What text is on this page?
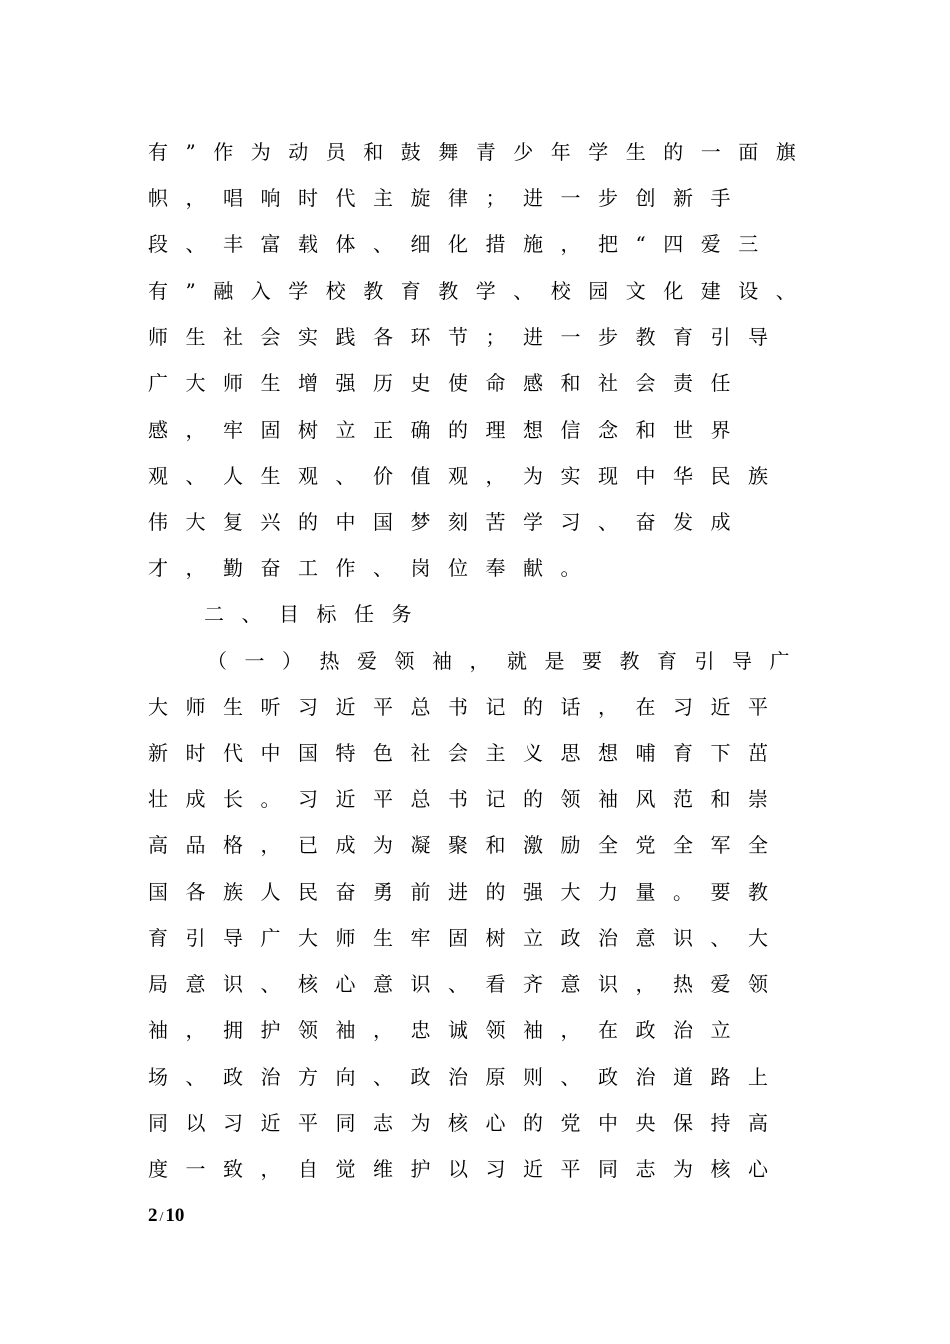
有”作为动员和鼓舞青少年学生的一面旗
帜，唱响时代主旋律；进一步创新手
段、丰富载体、细化措施，把“四爱三
有”融入学校教育教学、校园文化建设、
师生社会实践各环节；进一步教育引导
广大师生增强历史使命感和社会责任
感，牢固树立正确的理想信念和世界
观、人生观、价值观，为实现中华民族
伟大复兴的中国梦刻苦学习、奋发成
才，勤奋工作、岗位奉献。
二、目标任务
（一）热爱领袖，就是要教育引导广
大师生听习近平总书记的话，在习近平
新时代中国特色社会主义思想哺育下茁
壮成长。习近平总书记的领袖风范和崇
高品格，已成为凝聚和激励全党全军全
国各族人民奋勇前进的强大力量。要教
育引导广大师生牢固树立政治意识、大
局意识、核心意识、看齐意识，热爱领
袖，拥护领袖，忠诚领袖，在政治立
场、政治方向、政治原则、政治道路上
同以习近平同志为核心的党中央保持高
度一致，自觉维护以习近平同志为核心
2 / 10
